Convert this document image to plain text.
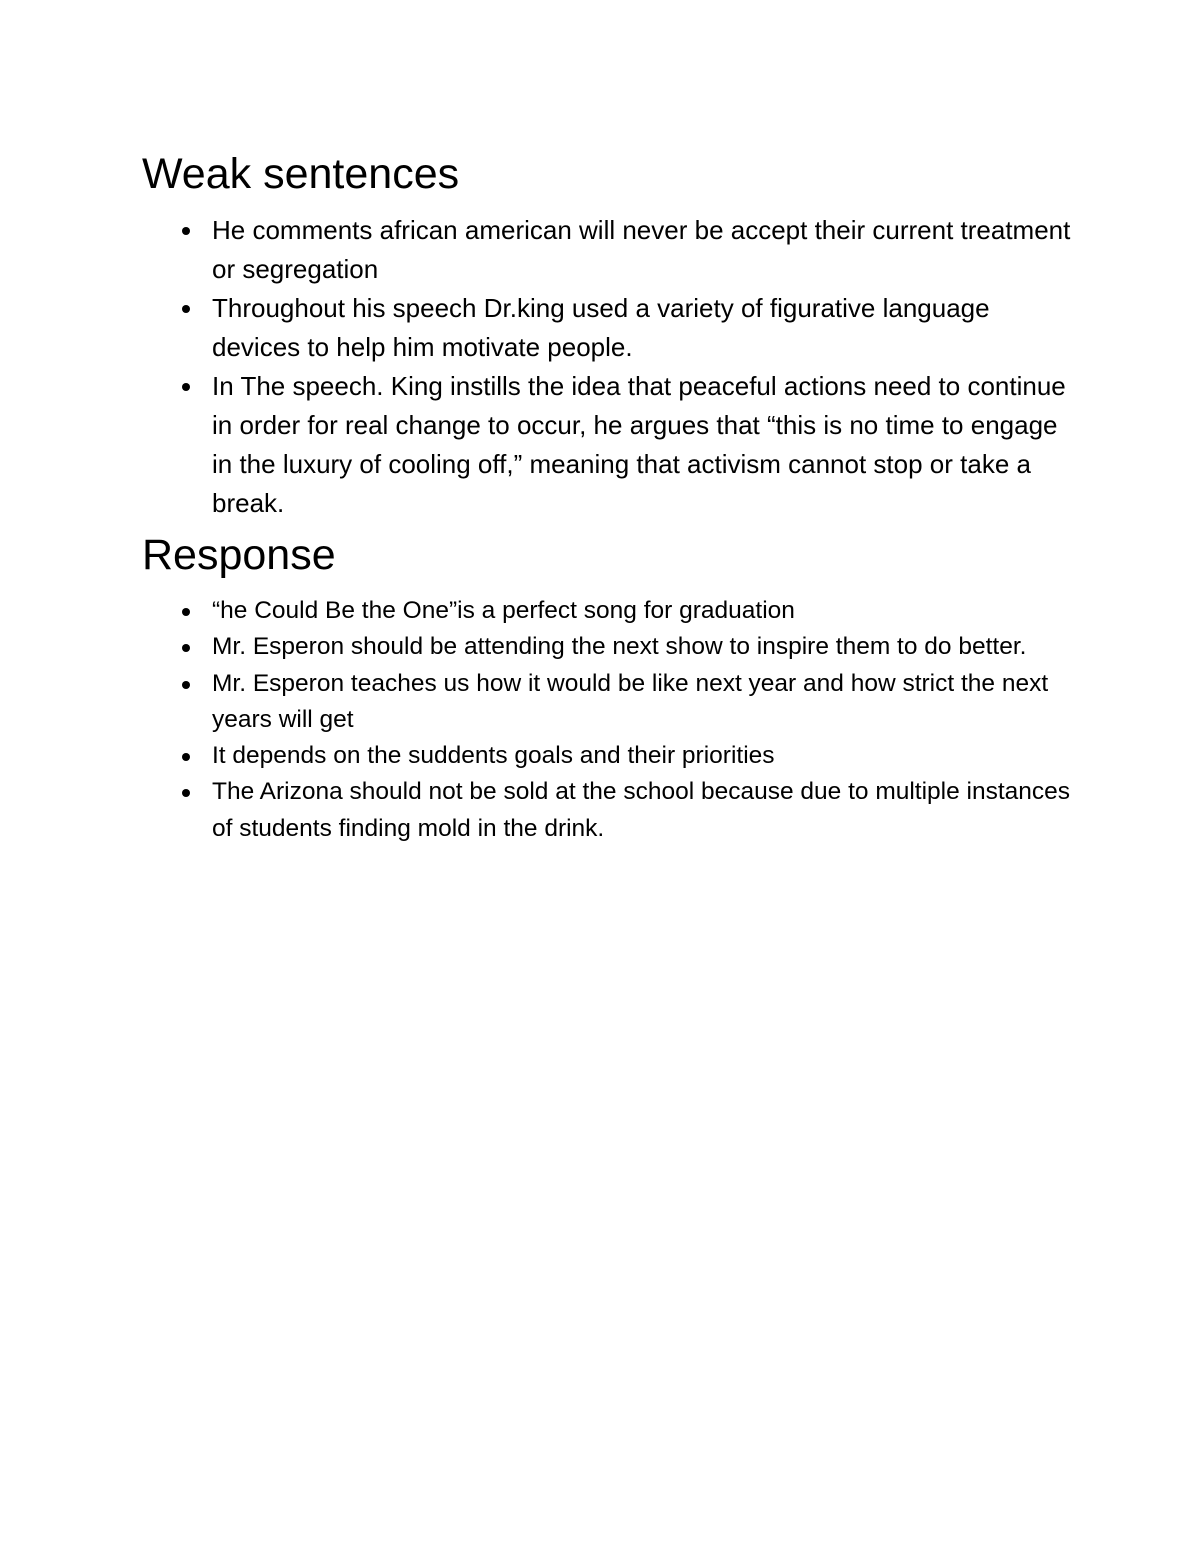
Weak sentences
He comments african american will never be accept their current treatment or segregation
Throughout his speech Dr.king used a variety of figurative language devices to help him motivate people.
In The speech. King instills the idea that peaceful actions need to continue in order for real change to occur, he argues that “this is no time to engage in the luxury of cooling off,” meaning that activism cannot stop or take a break.
Response
“he Could Be the One”is a perfect song for graduation
Mr. Esperon should be attending the next show to inspire them to do better.
Mr. Esperon teaches us how it would be like next year and how strict the next years will get
It depends on the suddents goals and their priorities
The Arizona should not be sold at the school because due to multiple instances of students finding mold in the drink.
